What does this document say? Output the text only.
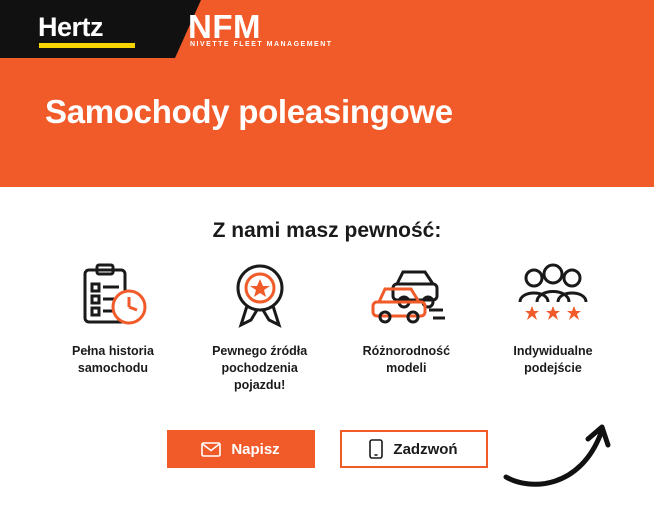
Hertz	NFM
NIVETTE FLEET MANAGEMENT
Samochody poleasingowe
Z nami masz pewność:
Pełna historia
samochodu
Pewnego źródła
pochodzenia pojazdu!
Różnorodność
modeli
Indywidualne
podejście
Napisz	Zadzwoń
